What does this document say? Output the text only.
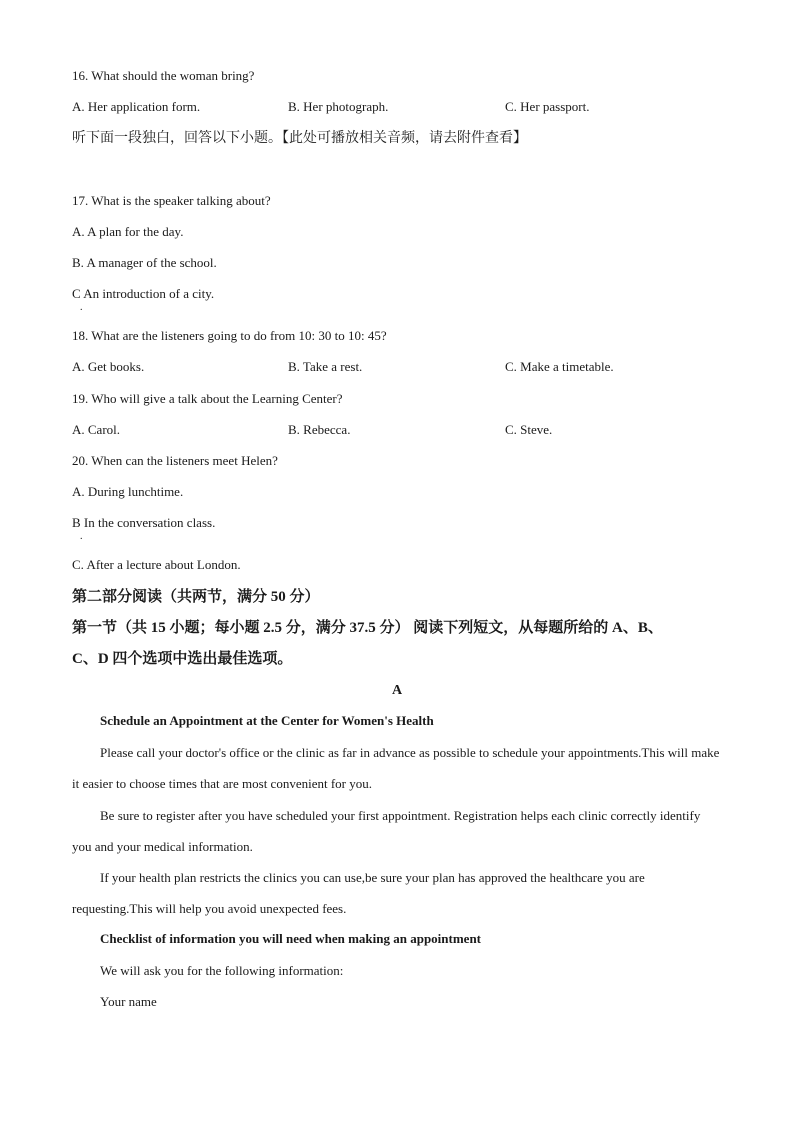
16. What should the woman bring?
A. Her application form.	B. Her photograph.	C. Her passport.
听下面一段独白，回答以下小题。【此处可播放相关音频，请去附件查看】
17. What is the speaker talking about?
A. A plan for the day.
B. A manager of the school.
C An introduction of a city.
.
18. What are the listeners going to do from 10: 30 to 10: 45?
A. Get books.	B. Take a rest.	C. Make a timetable.
19. Who will give a talk about the Learning Center?
A. Carol.	B. Rebecca.	C. Steve.
20. When can the listeners meet Helen?
A. During lunchtime.
B In the conversation class.
.
C. After a lecture about London.
第二部分阅读（共两节，满分 50 分）
第一节（共 15 小题；每小题 2.5 分，满分 37.5 分） 阅读下列短文，从每题所给的 A、B、
C、D 四个选项中选出最佳选项。
A
Schedule an Appointment at the Center for Women's Health

Please call your doctor's office or the clinic as far in advance as possible to schedule your appointments.This will make it easier to choose times that are most convenient for you.

Be sure to register after you have scheduled your first appointment. Registration helps each clinic correctly identify you and your medical information.

If your health plan restricts the clinics you can use,be sure your plan has approved the healthcare you are requesting.This will help you avoid unexpected fees.

Checklist of information you will need when making an appointment
We will ask you for the following information:
Your name
